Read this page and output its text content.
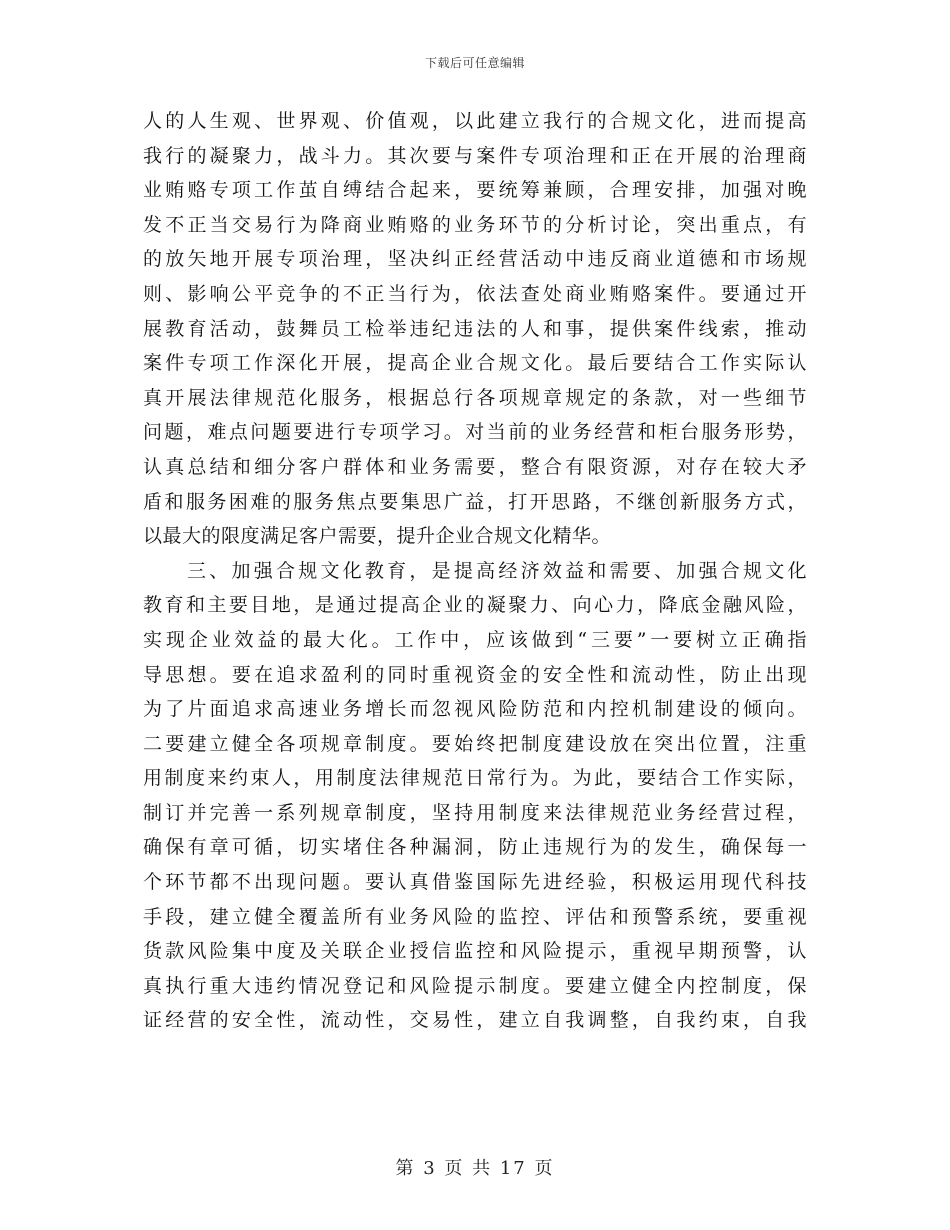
下载后可任意编辑
人的人生观、世界观、价值观，以此建立我行的合规文化，进而提高
我行的凝聚力，战斗力。其次要与案件专项治理和正在开展的治理商
业贿赂专项工作茧自缚结合起来，要统筹兼顾，合理安排，加强对晚
发不正当交易行为降商业贿赂的业务环节的分析讨论，突出重点，有
的放矢地开展专项治理，坚决纠正经营活动中违反商业道德和市场规
则、影响公平竞争的不正当行为，依法查处商业贿赂案件。要通过开
展教育活动，鼓舞员工检举违纪违法的人和事，提供案件线索，推动
案件专项工作深化开展，提高企业合规文化。最后要结合工作实际认
真开展法律规范化服务，根据总行各项规章规定的条款，对一些细节
问题，难点问题要进行专项学习。对当前的业务经营和柜台服务形势，
认真总结和细分客户群体和业务需要，整合有限资源，对存在较大矛
盾和服务困难的服务焦点要集思广益，打开思路，不继创新服务方式，
以最大的限度满足客户需要，提升企业合规文化精华。
三、加强合规文化教育，是提高经济效益和需要、加强合规文化
教育和主要目地，是通过提高企业的凝聚力、向心力，降底金融风险，
实现企业效益的最大化。工作中，应该做到“三要”一要树立正确指
导思想。要在追求盈利的同时重视资金的安全性和流动性，防止出现
为了片面追求高速业务增长而忽视风险防范和内控机制建设的倾向。
二要建立健全各项规章制度。要始终把制度建设放在突出位置，注重
用制度来约束人，用制度法律规范日常行为。为此，要结合工作实际，
制订并完善一系列规章制度，坚持用制度来法律规范业务经营过程，
确保有章可循，切实堵住各种漏洞，防止违规行为的发生，确保每一
个环节都不出现问题。要认真借鉴国际先进经验，积极运用现代科技
手段，建立健全覆盖所有业务风险的监控、评估和预警系统，要重视
货款风险集中度及关联企业授信监控和风险提示，重视早期预警，认
真执行重大违约情况登记和风险提示制度。要建立健全内控制度，保
证经营的安全性，流动性，交易性，建立自我调整，自我约束，自我
第 3 页 共 17 页
